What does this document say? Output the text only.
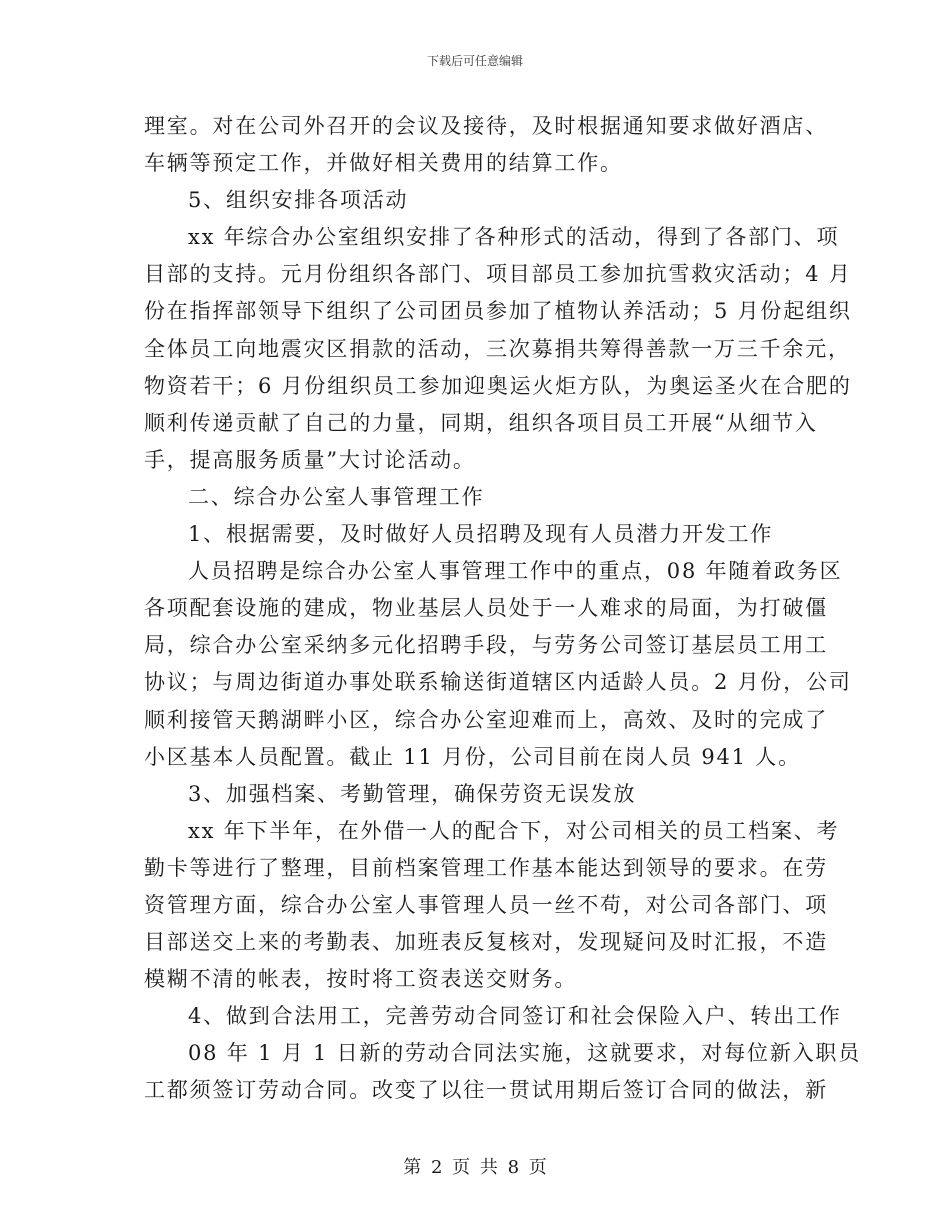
下载后可任意编辑
理室。对在公司外召开的会议及接待，及时根据通知要求做好酒店、
车辆等预定工作，并做好相关费用的结算工作。
5、组织安排各项活动
xx 年综合办公室组织安排了各种形式的活动，得到了各部门、项
目部的支持。元月份组织各部门、项目部员工参加抗雪救灾活动；4 月
份在指挥部领导下组织了公司团员参加了植物认养活动；5 月份起组织
全体员工向地震灾区捐款的活动，三次募捐共筹得善款一万三千余元，
物资若干；6 月份组织员工参加迎奥运火炬方队，为奥运圣火在合肥的
顺利传递贡献了自己的力量，同期，组织各项目员工开展“从细节入
手，提高服务质量”大讨论活动。
二、综合办公室人事管理工作
1、根据需要，及时做好人员招聘及现有人员潜力开发工作
人员招聘是综合办公室人事管理工作中的重点，08 年随着政务区
各项配套设施的建成，物业基层人员处于一人难求的局面，为打破僵
局，综合办公室采纳多元化招聘手段，与劳务公司签订基层员工用工
协议；与周边街道办事处联系输送街道辖区内适龄人员。2 月份，公司
顺利接管天鹅湖畔小区，综合办公室迎难而上，高效、及时的完成了
小区基本人员配置。截止 11 月份，公司目前在岗人员 941 人。
3、加强档案、考勤管理，确保劳资无误发放
xx 年下半年，在外借一人的配合下，对公司相关的员工档案、考
勤卡等进行了整理，目前档案管理工作基本能达到领导的要求。在劳
资管理方面，综合办公室人事管理人员一丝不苟，对公司各部门、项
目部送交上来的考勤表、加班表反复核对，发现疑问及时汇报，不造
模糊不清的帐表，按时将工资表送交财务。
4、做到合法用工，完善劳动合同签订和社会保险入户、转出工作
08 年 1 月 1 日新的劳动合同法实施，这就要求，对每位新入职员
工都须签订劳动合同。改变了以往一贯试用期后签订合同的做法，新
第 2 页 共 8 页
